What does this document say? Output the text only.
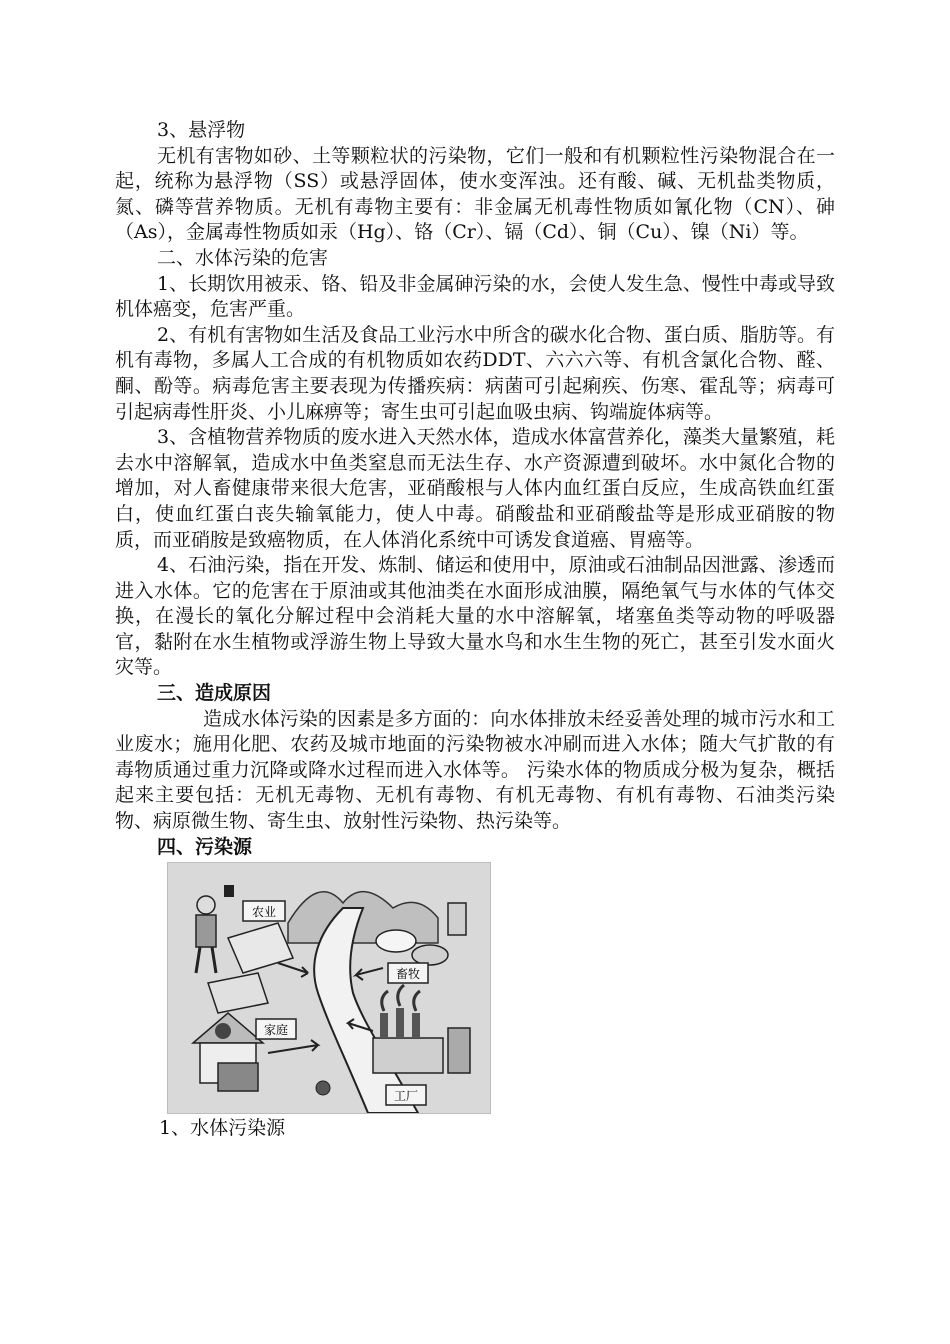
3、悬浮物

无机有害物如砂、土等颗粒状的污染物，它们一般和有机颗粒性污染物混合在一起，统称为悬浮物（SS）或悬浮固体，使水变浑浊。还有酸、碱、无机盐类物质，氮、磷等营养物质。无机有毒物主要有：非金属无机毒性物质如氰化物（CN）、砷（As），金属毒性物质如汞（Hg）、铬（Cr）、镉（Cd）、铜（Cu）、镍（Ni）等。

二、水体污染的危害

1、长期饮用被汞、铬、铅及非金属砷污染的水，会使人发生急、慢性中毒或导致机体癌变，危害严重。

2、有机有害物如生活及食品工业污水中所含的碳水化合物、蛋白质、脂肪等。有机有毒物，多属人工合成的有机物质如农药DDT、六六六等、有机含氯化合物、醛、酮、酚等。病毒危害主要表现为传播疾病：病菌可引起痢疾、伤寒、霍乱等；病毒可引起病毒性肝炎、小儿麻痹等；寄生虫可引起血吸虫病、钩端旋体病等。

3、含植物营养物质的废水进入天然水体，造成水体富营养化，藻类大量繁殖，耗去水中溶解氧，造成水中鱼类窒息而无法生存、水产资源遭到破坏。水中氮化合物的增加，对人畜健康带来很大危害，亚硝酸根与人体内血红蛋白反应，生成高铁血红蛋白，使血红蛋白丧失输氧能力，使人中毒。硝酸盐和亚硝酸盐等是形成亚硝胺的物质，而亚硝胺是致癌物质，在人体消化系统中可诱发食道癌、胃癌等。

4、石油污染，指在开发、炼制、储运和使用中，原油或石油制品因泄露、渗透而进入水体。它的危害在于原油或其他油类在水面形成油膜，隔绝氧气与水体的气体交换，在漫长的氧化分解过程中会消耗大量的水中溶解氧，堵塞鱼类等动物的呼吸器官，黏附在水生植物或浮游生物上导致大量水鸟和水生生物的死亡，甚至引发水面火灾等。

三、造成原因

造成水体污染的因素是多方面的：向水体排放未经妥善处理的城市污水和工业废水；施用化肥、农药及城市地面的污染物被水冲刷而进入水体；随大气扩散的有毒物质通过重力沉降或降水过程而进入水体等。 污染水体的物质成分极为复杂，概括起来主要包括：无机无毒物、无机有毒物、有机无毒物、有机有毒物、石油类污染物、病原微生物、寄生虫、放射性污染物、热污染等。

四、污染源

农业
畜牧
家庭
工厂

1、水体污染源
